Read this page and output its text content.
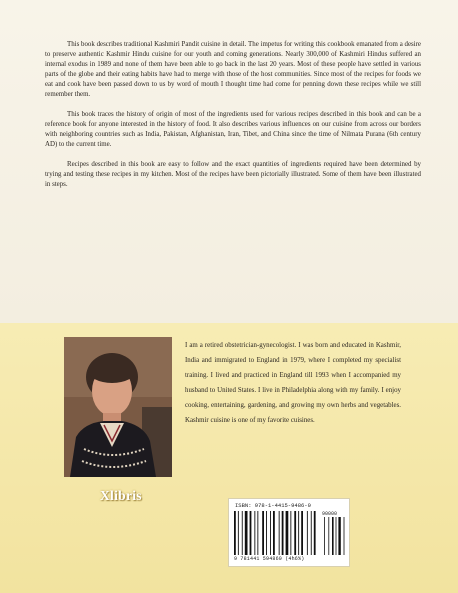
This book describes traditional Kashmiri Pandit cuisine in detail. The impetus for writing this cookbook emanated from a desire to preserve authentic Kashmir Hindu cuisine for our youth and coming generations. Nearly 300,000 of Kashmiri Hindus suffered an internal exodus in 1989 and none of them have been able to go back in the last 20 years. Most of these people have settled in various parts of the globe and their eating habits have had to merge with those of the host communities. Since most of the recipes for foods we eat and cook have been passed down to us by word of mouth I thought time had come for penning down these recipes while we still remember them.

This book traces the history of origin of most of the ingredients used for various recipes described in this book and can be a reference book for anyone interested in the history of food. It also describes various influences on our cuisine from across our borders with neighboring countries such as India, Pakistan, Afghanistan, Iran, Tibet, and China since the time of Nilmata Purana (6th century AD) to the current time.

Recipes described in this book are easy to follow and the exact quantities of ingredients required have been determined by trying and testing these recipes in my kitchen. Most of the recipes have been pictorially illustrated. Some of them have been illustrated in steps.

I am a retired obstetrician-gynecologist. I was born and educated in Kashmir, India and immigrated to England in 1979, where I completed my specialist training. I lived and practiced in England till 1993 when I accompanied my husband to United States. I live in Philadelphia along with my family. I enjoy cooking, entertaining, gardening, and growing my own herbs and vegetables. Kashmir cuisine is one of my favorite cuisines.
Xlibris
ISBN: 978-1-4415-9486-0
90000
9 781441 594860 (4h6%)
